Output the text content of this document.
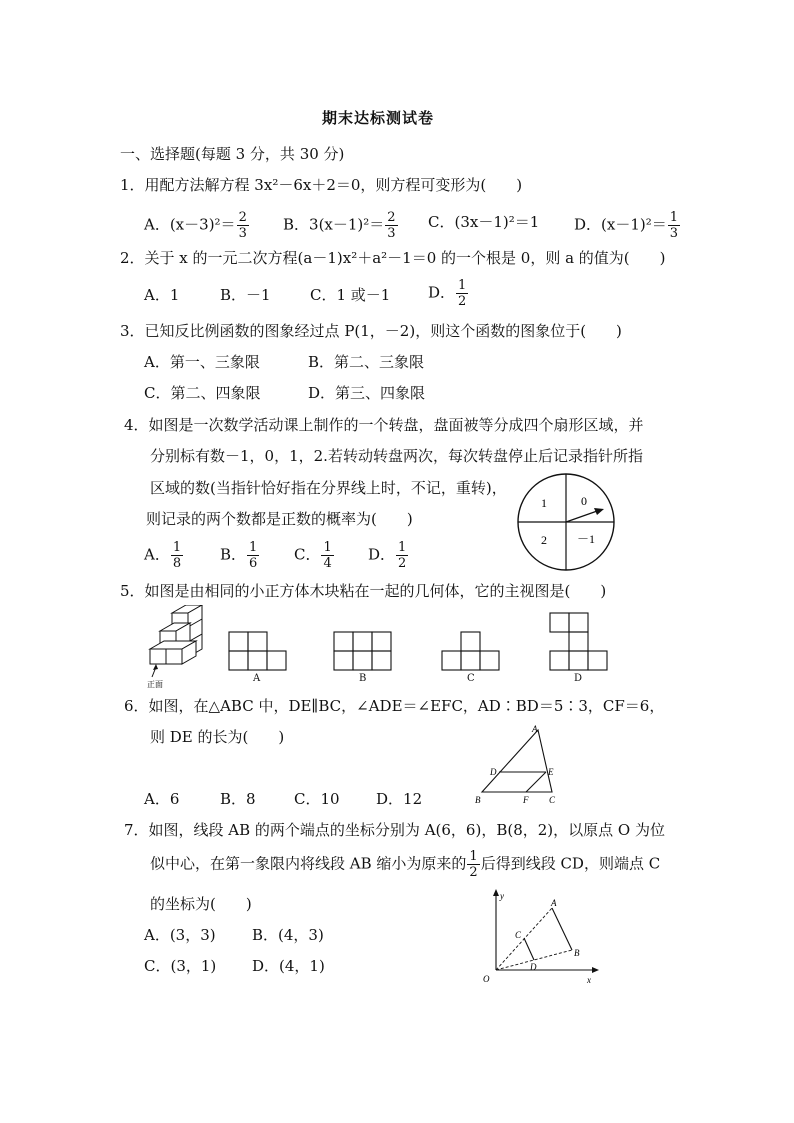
期末达标测试卷
一、选择题(每题 3 分，共 30 分)
1．用配方法解方程 3x²－6x＋2＝0，则方程可变形为(　　)
A．$(x-3)^2= \frac{2}{3}$ B．$3(x-1)^2= \frac{2}{3}$ C．(3x－1)²＝1 D．$(x-1)^2= \frac{1}{3}$
2．关于 x 的一元二次方程(a－1)x²＋a²－1＝0 的一个根是 0，则 a 的值为(　　)
A．1	B．－1	C．1 或－1	D． $\frac{1}{2}$
3．已知反比例函数的图象经过点 P(1，－2)，则这个函数的图象位于(　　)
A．第一、三象限	B．第二、三象限
C．第二、四象限	D．第三、四象限
4．如图是一次数学活动课上制作的一个转盘，盘面被等分成四个扇形区域，并
分别标有数－1，0，1，2.若转动转盘两次，每次转盘停止后记录指针所指
区域的数(当指针恰好指在分界线上时，不记，重转)，
则记录的两个数都是正数的概率为(　　)
1	0
2 －1
A． $\frac{1}{8}$ B． $\frac{1}{6}$ C． $\frac{1}{4}$ D． $\frac{1}{2}$
5．如图是由相同的小正方体木块粘在一起的几何体，它的主视图是(　　)
正面
A	B	C	D
6．如图，在△ABC 中，DE∥BC，∠ADE＝∠EFC，AD∶BD＝5∶3，CF＝6，
则 DE 的长为(　　)	A
B	C
D	E
F
A．6	B．8	C．10 D．12
7．如图，线段 AB 的两个端点的坐标分别为 A(6，6)，B(8，2)，以原点 O 为位
似中心，在第一象限内将线段 AB 缩小为原来的 $\frac{1}{2}$ 后得到线段 CD，则端点 C
的坐标为(　　)
A．(3，3) B．(4，3)
C．(3，1) D．(4，1)
y
x
O
A
B
C
D
